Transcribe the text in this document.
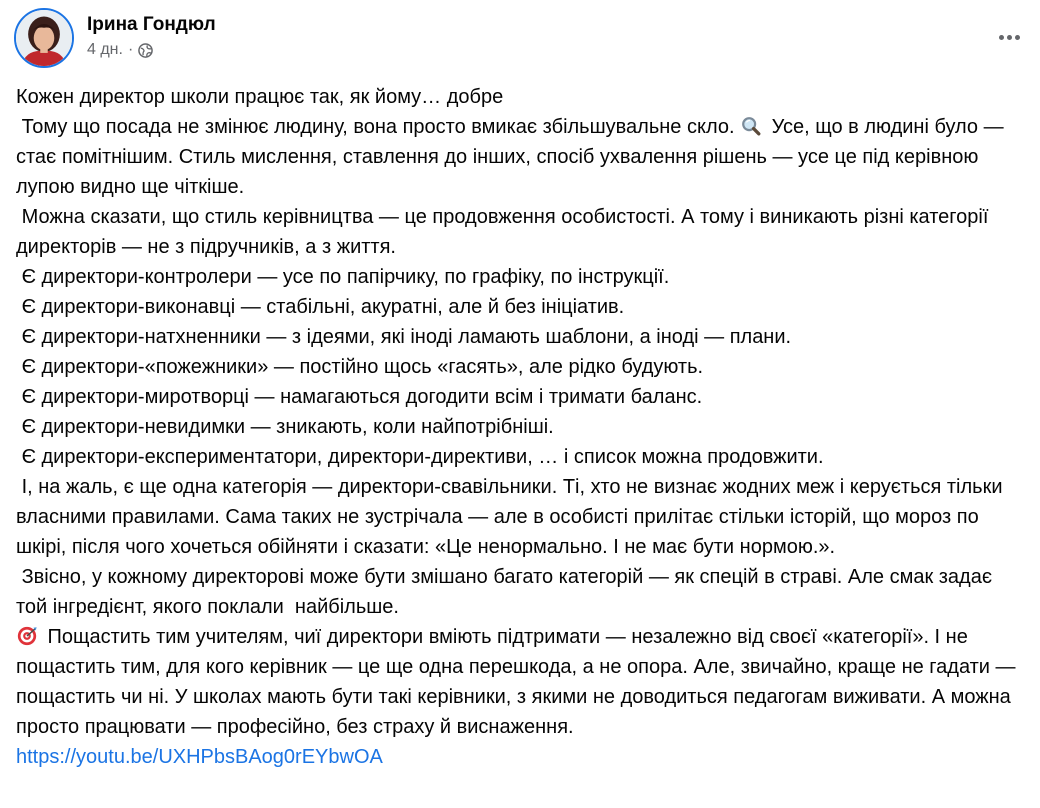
Ірина Гондюл
4 дн. ·

Кожен директор школи працює так, як йому… добре

Тому що посада не змінює людину, вона просто вмикає збільшувальне скло.  Усе, що в людині було — стає помітнішим. Стиль мислення, ставлення до інших, спосіб ухвалення рішень — усе це під керівною лупою видно ще чіткіше.

Можна сказати, що стиль керівництва — це продовження особистості. А тому і виникають різні категорії директорів — не з підручників, а з життя.

Є директори-контролери — усе по папірчику, по графіку, по інструкції.

Є директори-виконавці — стабільні, акуратні, але й без ініціатив.

Є директори-натхненники — з ідеями, які іноді ламають шаблони, а іноді — плани.

Є директори-«пожежники» — постійно щось «гасять», але рідко будують.

Є директори-миротворці — намагаються догодити всім і тримати баланс.

Є директори-невидимки — зникають, коли найпотрібніші.

Є директори-експериментатори, директори-директиви, … і список можна продовжити.

І, на жаль, є ще одна категорія — директори-свавільники. Ті, хто не визнає жодних меж і керується тільки власними правилами. Сама таких не зустрічала — але в особисті прилітає стільки історій, що мороз по шкірі, після чого хочеться обійняти і сказати: «Це ненормально. І не має бути нормою.».

Звісно, у кожному директорові може бути змішано багато категорій — як спецій в страві. Але смак задає той інгредієнт, якого поклали  найбільше.

Пощастить тим учителям, чиї директори вміють підтримати — незалежно від своєї «категорії». І не пощастить тим, для кого керівник — це ще одна перешкода, а не опора. Але, звичайно, краще не гадати — пощастить чи ні. У школах мають бути такі керівники, з якими не доводиться педагогам виживати. А можна просто працювати — професійно, без страху й виснаження.

https://youtu.be/UXHPbsBAog0rEYbwOA
